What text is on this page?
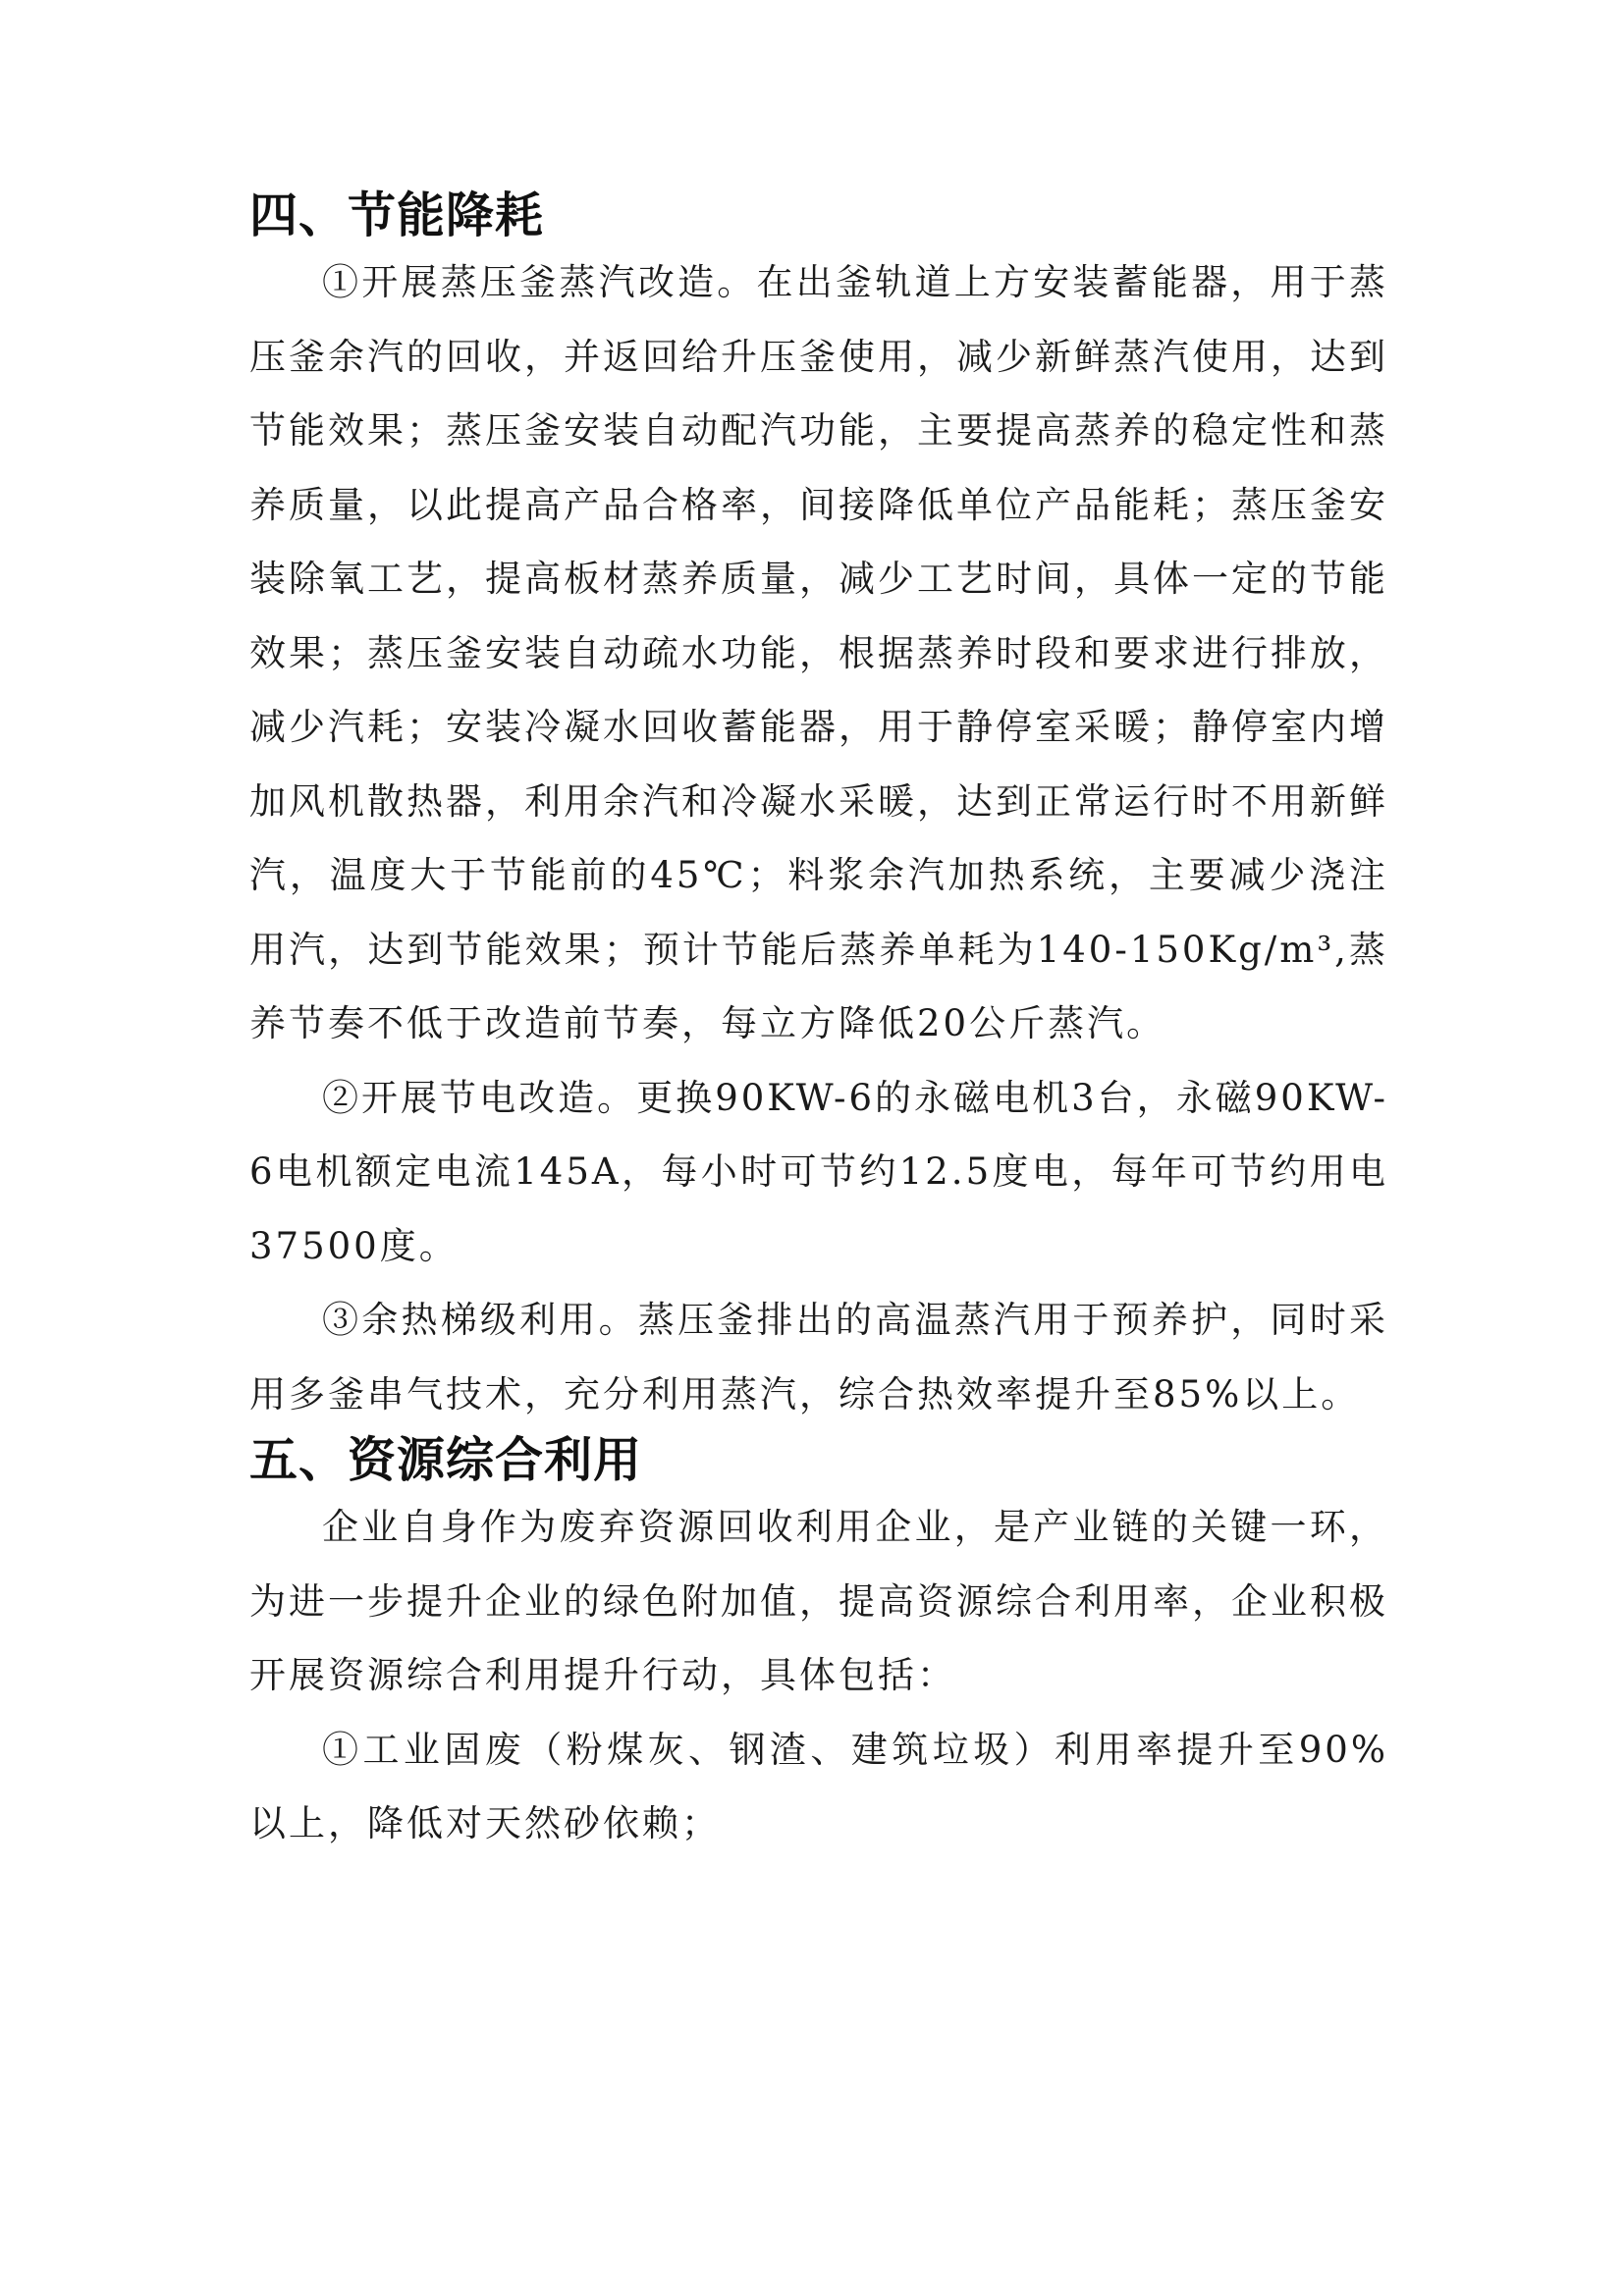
四、节能降耗

①开展蒸压釜蒸汽改造。在出釜轨道上方安装蓄能器，用于蒸压釜余汽的回收，并返回给升压釜使用，减少新鲜蒸汽使用，达到节能效果；蒸压釜安装自动配汽功能，主要提高蒸养的稳定性和蒸养质量，以此提高产品合格率，间接降低单位产品能耗；蒸压釜安装除氧工艺，提高板材蒸养质量，减少工艺时间，具体一定的节能效果；蒸压釜安装自动疏水功能，根据蒸养时段和要求进行排放，减少汽耗；安装冷凝水回收蓄能器，用于静停室采暖；静停室内增加风机散热器，利用余汽和冷凝水采暖，达到正常运行时不用新鲜汽，温度大于节能前的45℃；料浆余汽加热系统，主要减少浇注用汽，达到节能效果；预计节能后蒸养单耗为140-150Kg/m³,蒸养节奏不低于改造前节奏，每立方降低20公斤蒸汽。

②开展节电改造。更换90KW-6的永磁电机3台，永磁90KW-6电机额定电流145A，每小时可节约12.5度电，每年可节约用电37500度。

③余热梯级利用。蒸压釜排出的高温蒸汽用于预养护，同时采用多釜串气技术，充分利用蒸汽，综合热效率提升至85%以上。

五、资源综合利用

企业自身作为废弃资源回收利用企业，是产业链的关键一环，为进一步提升企业的绿色附加值，提高资源综合利用率，企业积极开展资源综合利用提升行动，具体包括：

①工业固废（粉煤灰、钢渣、建筑垃圾）利用率提升至90%以上，降低对天然砂依赖；
